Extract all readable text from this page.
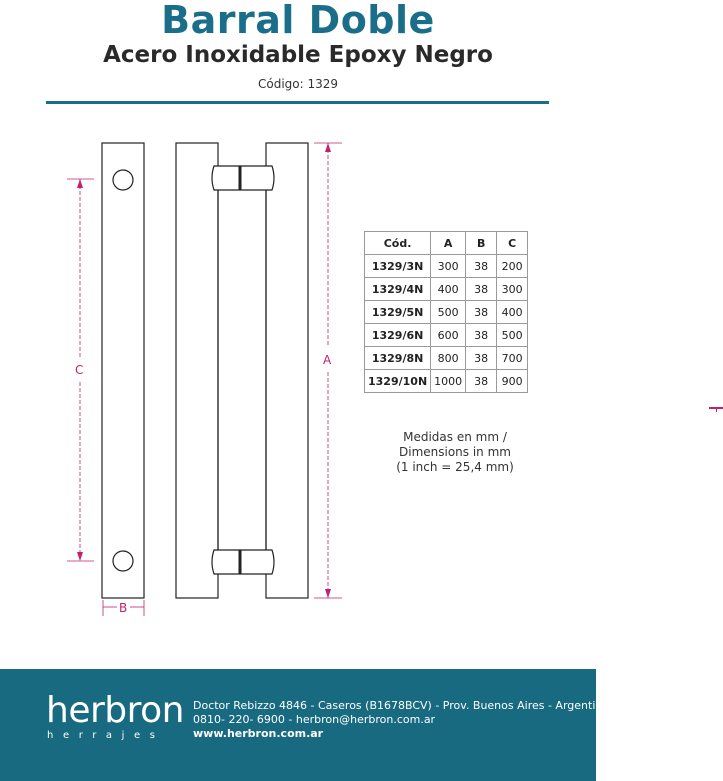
Barral Doble
Acero Inoxidable Epoxy Negro
Código: 1329
C
B
A
Cód.	A	B	C
1329/3N	300	38	200
1329/4N	400	38	300
1329/5N	500	38	400
1329/6N	600	38	500
1329/8N	800	38	700
1329/10N	1000	38	900
Medidas en mm /
Dimensions in mm
(1 inch = 25,4 mm)
herbron
herrajes
Doctor Rebizzo 4846 - Caseros (B1678BCV) - Prov. Buenos Aires - Argentina
0810- 220- 6900 - herbron@herbron.com.ar
www.herbron.com.ar
